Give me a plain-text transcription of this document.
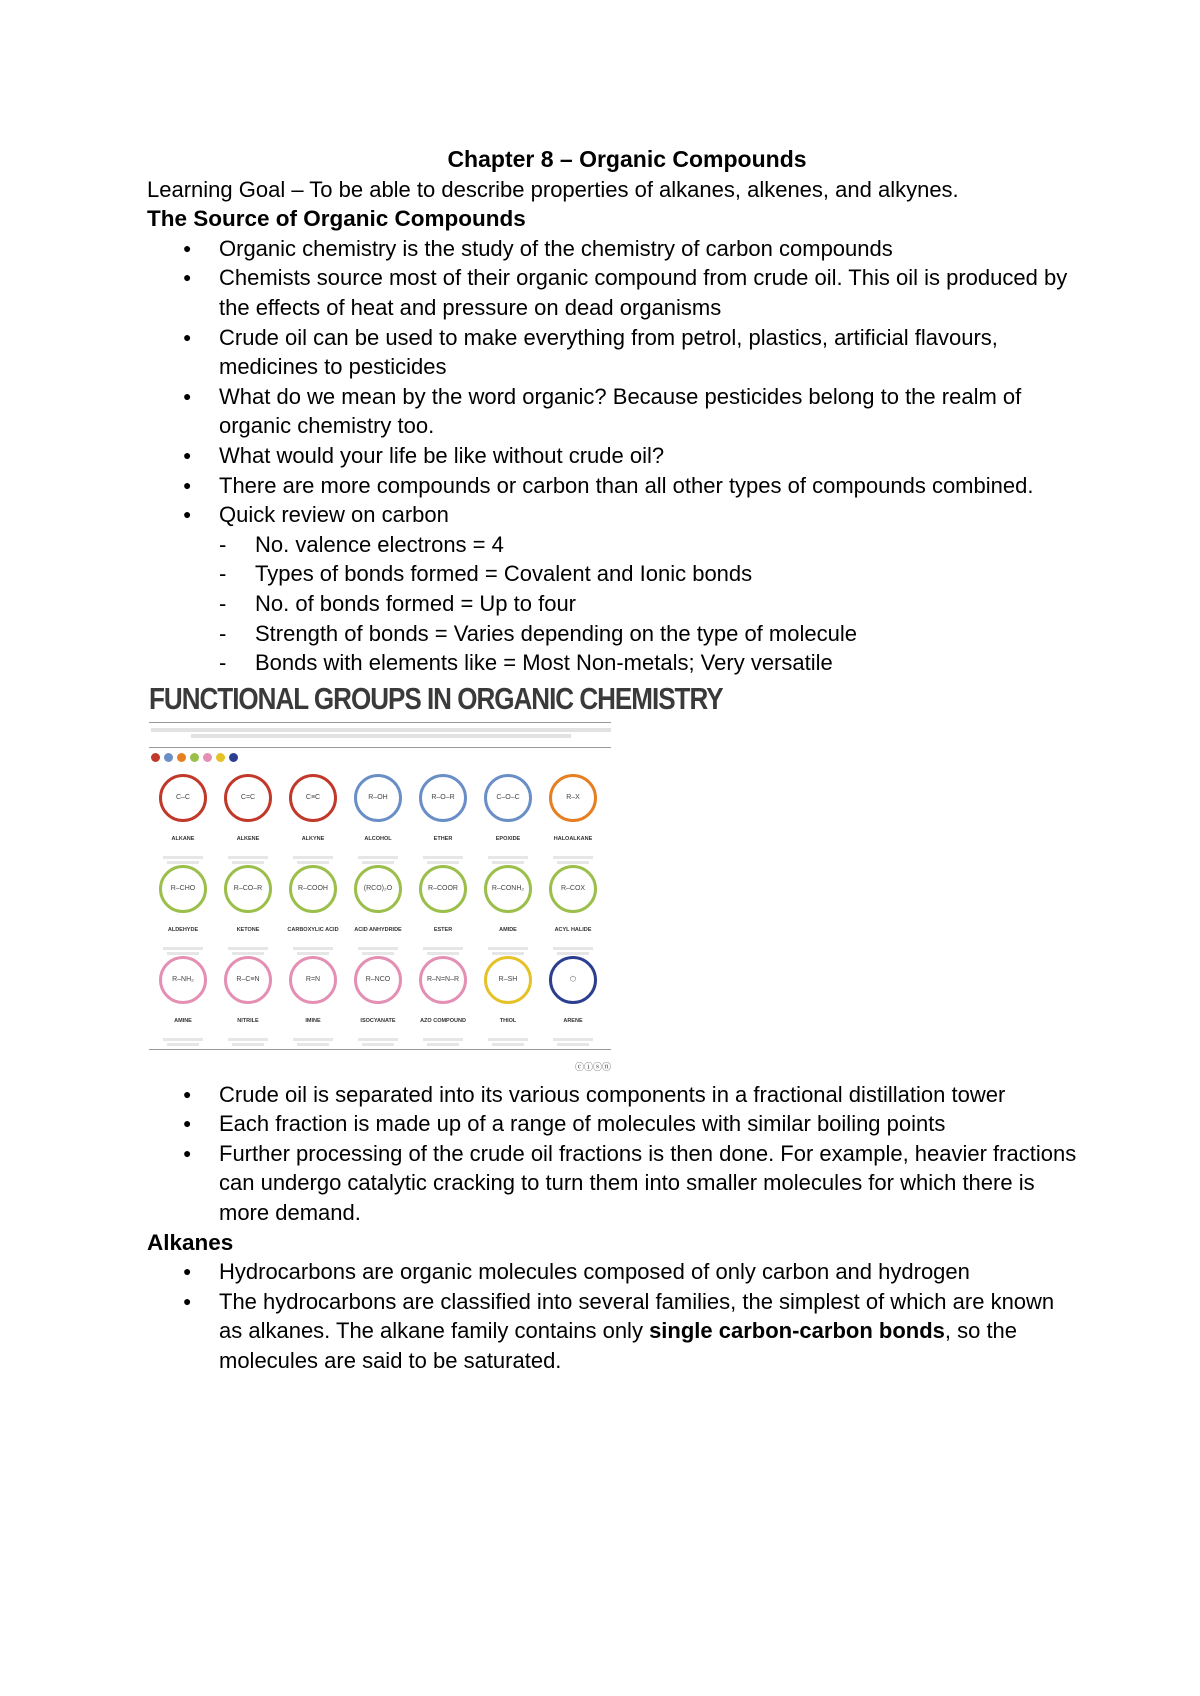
Chapter 8 – Organic Compounds
Learning Goal – To be able to describe properties of alkanes, alkenes, and alkynes.
The Source of Organic Compounds
● Organic chemistry is the study of the chemistry of carbon compounds
● Chemists source most of their organic compound from crude oil. This oil is produced by the effects of heat and pressure on dead organisms
● Crude oil can be used to make everything from petrol, plastics, artificial flavours, medicines to pesticides
● What do we mean by the word organic? Because pesticides belong to the realm of organic chemistry too.
● What would your life be like without crude oil?
● There are more compounds or carbon than all other types of compounds combined.
● Quick review on carbon
- No. valence electrons = 4
- Types of bonds formed = Covalent and Ionic bonds
- No. of bonds formed = Up to four
- Strength of bonds = Varies depending on the type of molecule
- Bonds with elements like = Most Non-metals; Very versatile
FUNCTIONAL GROUPS IN ORGANIC CHEMISTRY
C–C
ALKANE
C=C
ALKENE
C≡C
ALKYNE
R–OH
ALCOHOL
R–O–R
ETHER
C–O–C
EPOXIDE
R–X
HALOALKANE
R–CHO
ALDEHYDE
R–CO–R
KETONE
R–COOH
CARBOXYLIC ACID
(RCO)₂O
ACID ANHYDRIDE
R–COOR
ESTER
R–CONH₂
AMIDE
R–COX
ACYL HALIDE
R–NH₂
AMINE
R–C≡N
NITRILE
R=N
IMINE
R–NCO
ISOCYANATE
R–N=N–R
AZO COMPOUND
R–SH
THIOL
⬡
ARENE
ⓒⓘⓢⓝ
● Crude oil is separated into its various components in a fractional distillation tower
● Each fraction is made up of a range of molecules with similar boiling points
● Further processing of the crude oil fractions is then done. For example, heavier fractions can undergo catalytic cracking to turn them into smaller molecules for which there is more demand.
Alkanes
● Hydrocarbons are organic molecules composed of only carbon and hydrogen
● The hydrocarbons are classified into several families, the simplest of which are known as alkanes. The alkane family contains only single carbon-carbon bonds, so the molecules are said to be saturated.
